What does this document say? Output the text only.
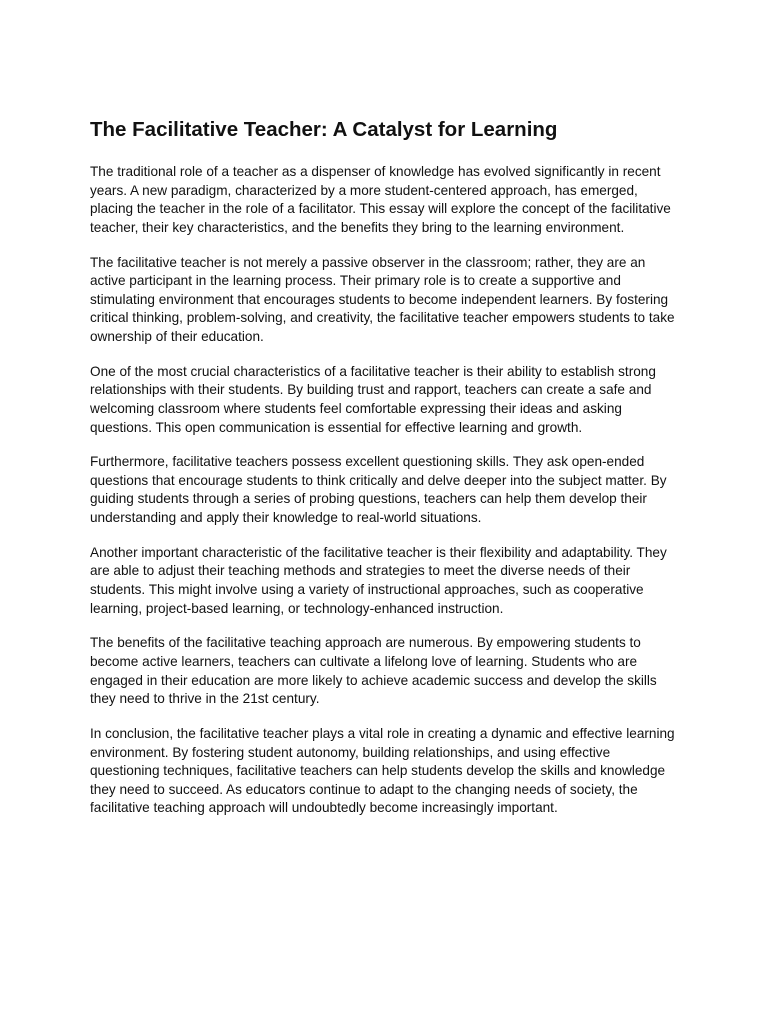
The Facilitative Teacher: A Catalyst for Learning

The traditional role of a teacher as a dispenser of knowledge has evolved significantly in recent years. A new paradigm, characterized by a more student-centered approach, has emerged, placing the teacher in the role of a facilitator. This essay will explore the concept of the facilitative teacher, their key characteristics, and the benefits they bring to the learning environment.

The facilitative teacher is not merely a passive observer in the classroom; rather, they are an active participant in the learning process. Their primary role is to create a supportive and stimulating environment that encourages students to become independent learners. By fostering critical thinking, problem-solving, and creativity, the facilitative teacher empowers students to take ownership of their education.

One of the most crucial characteristics of a facilitative teacher is their ability to establish strong relationships with their students. By building trust and rapport, teachers can create a safe and welcoming classroom where students feel comfortable expressing their ideas and asking questions. This open communication is essential for effective learning and growth.

Furthermore, facilitative teachers possess excellent questioning skills. They ask open-ended questions that encourage students to think critically and delve deeper into the subject matter. By guiding students through a series of probing questions, teachers can help them develop their understanding and apply their knowledge to real-world situations.

Another important characteristic of the facilitative teacher is their flexibility and adaptability. They are able to adjust their teaching methods and strategies to meet the diverse needs of their students. This might involve using a variety of instructional approaches, such as cooperative learning, project-based learning, or technology-enhanced instruction.

The benefits of the facilitative teaching approach are numerous. By empowering students to become active learners, teachers can cultivate a lifelong love of learning. Students who are engaged in their education are more likely to achieve academic success and develop the skills they need to thrive in the 21st century.

In conclusion, the facilitative teacher plays a vital role in creating a dynamic and effective learning environment. By fostering student autonomy, building relationships, and using effective questioning techniques, facilitative teachers can help students develop the skills and knowledge they need to succeed. As educators continue to adapt to the changing needs of society, the facilitative teaching approach will undoubtedly become increasingly important.
